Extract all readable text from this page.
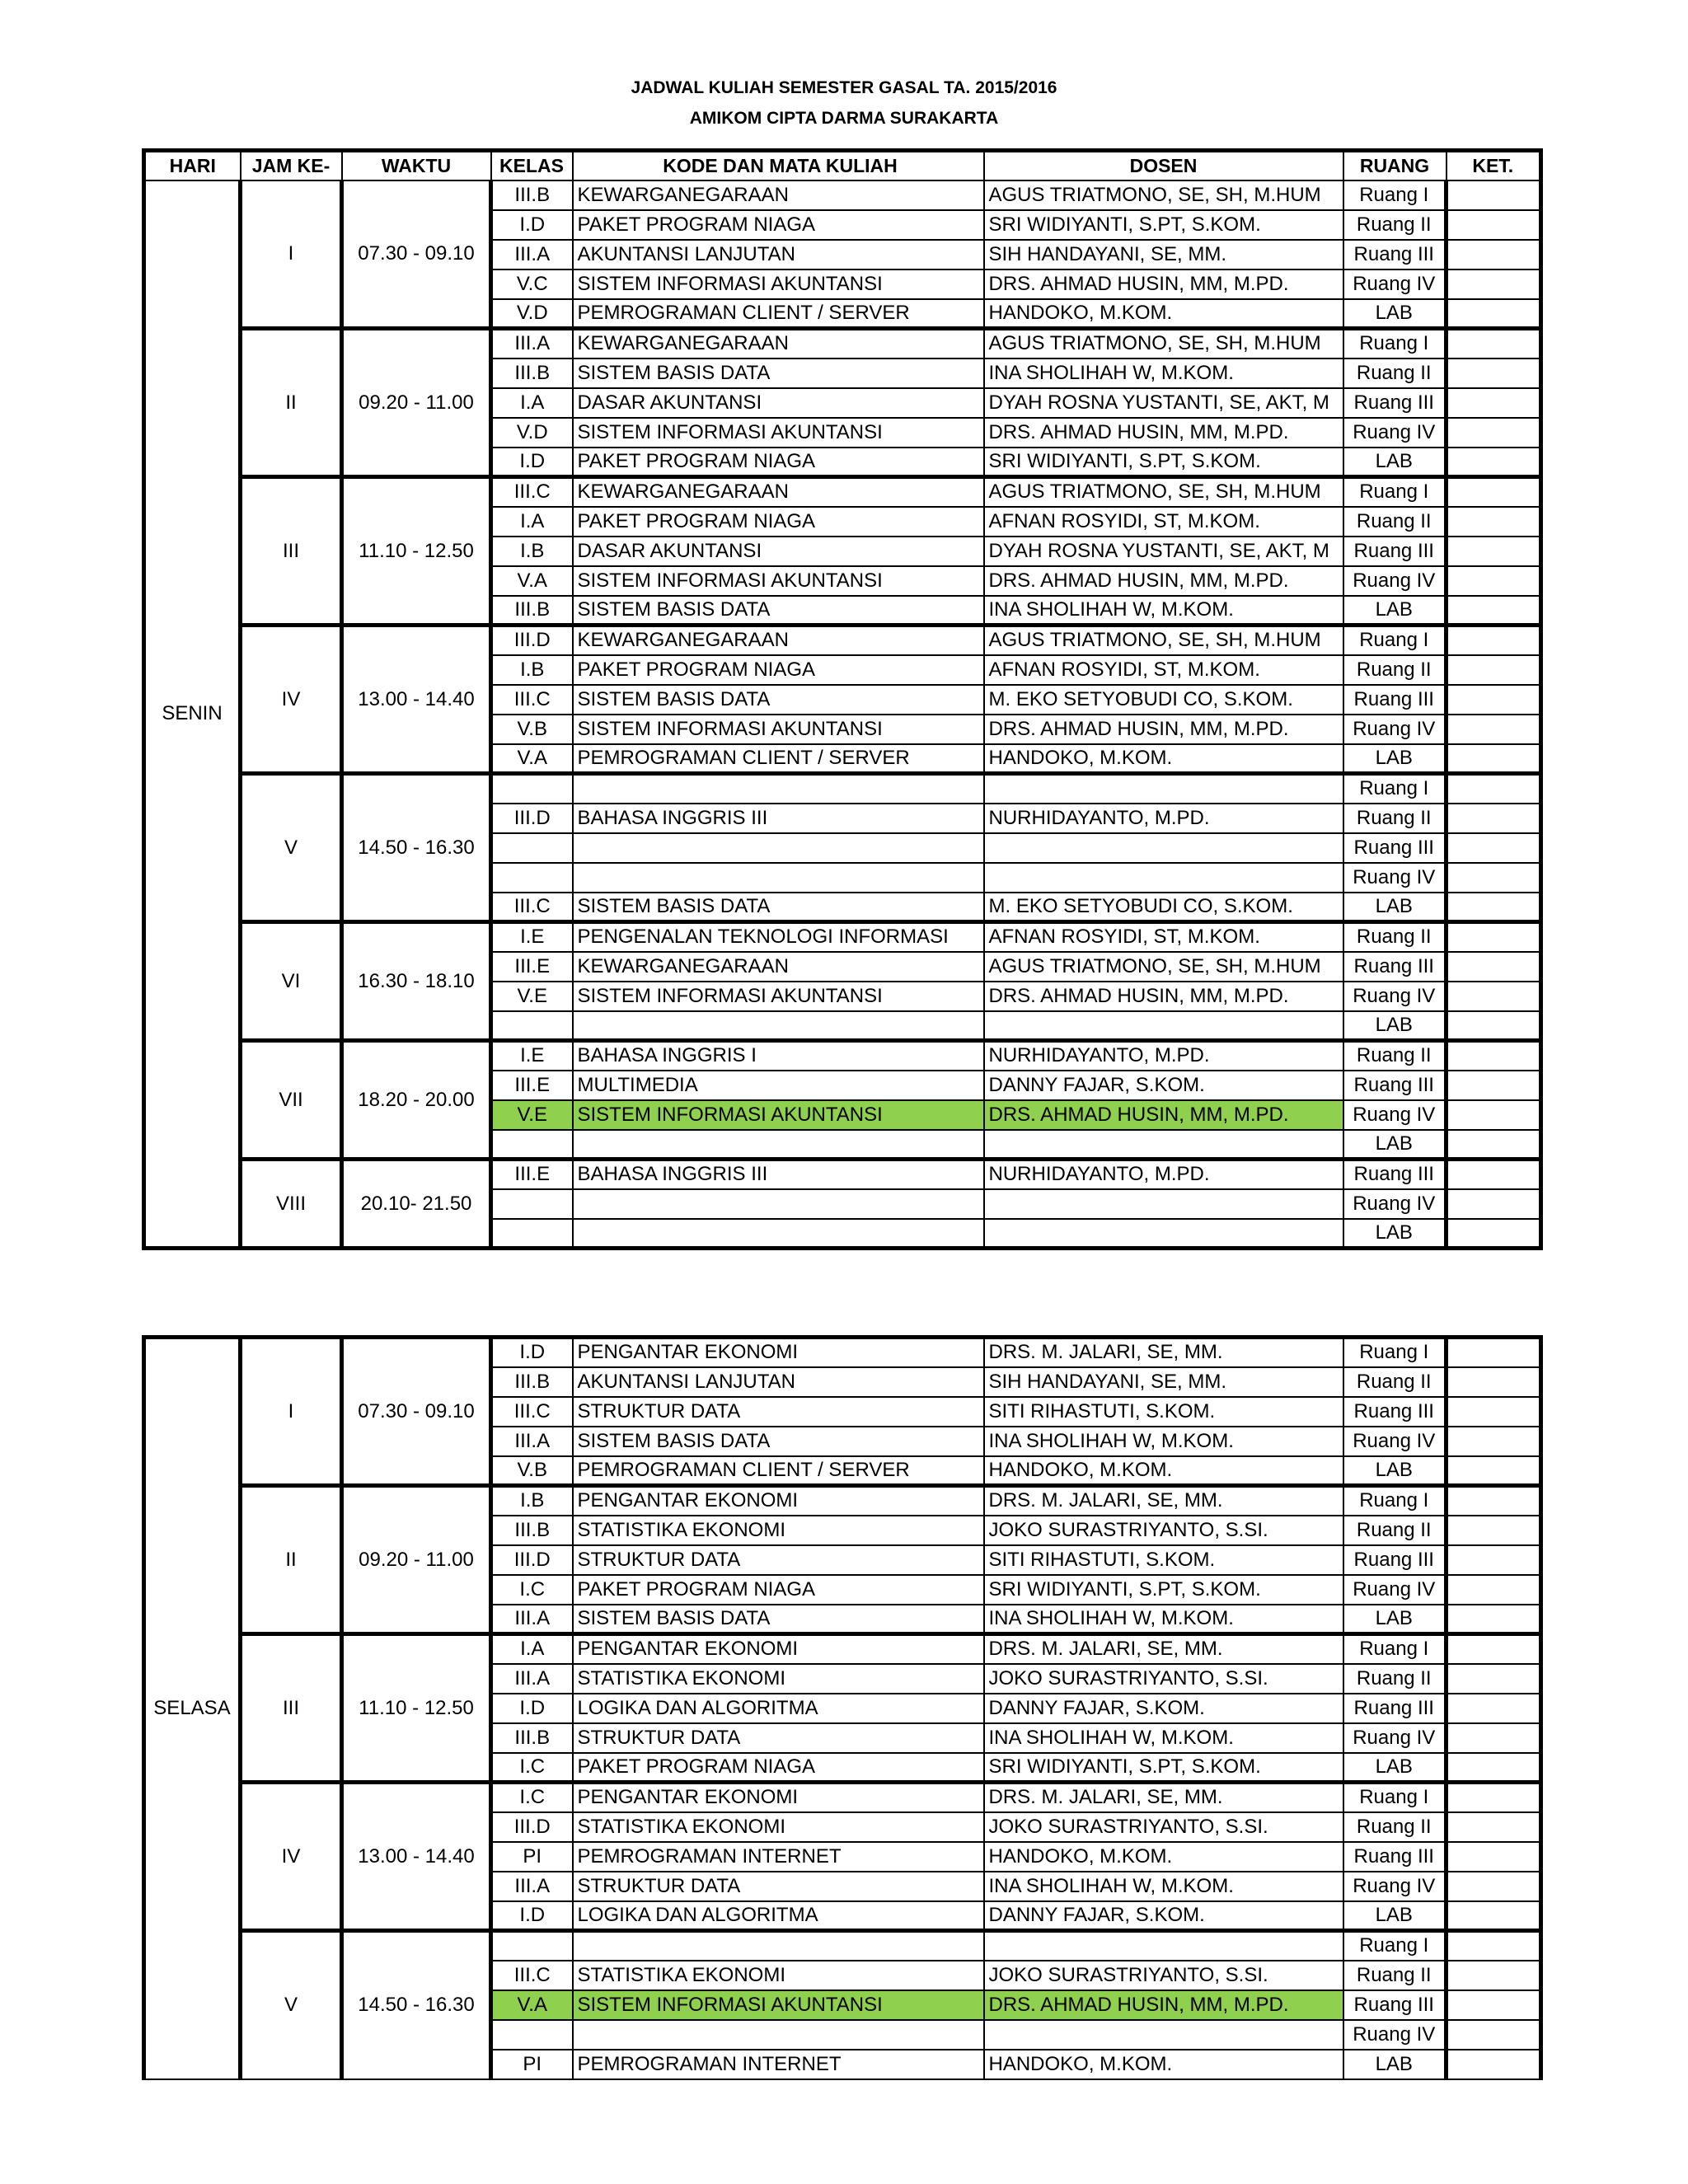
JADWAL KULIAH SEMESTER GASAL TA. 2015/2016
AMIKOM CIPTA DARMA SURAKARTA
HARI	JAM KE-	WAKTU	KELAS	KODE DAN MATA KULIAH	DOSEN	RUANG	KET.
SENIN	I	07.30 - 09.10	III.B	KEWARGANEGARAAN	AGUS TRIATMONO, SE, SH, M.HUM	Ruang I	
			I.D	PAKET PROGRAM NIAGA	SRI WIDIYANTI, S.PT, S.KOM.	Ruang II	
			III.A	AKUNTANSI LANJUTAN	SIH HANDAYANI, SE, MM.	Ruang III	
			V.C	SISTEM INFORMASI AKUNTANSI	DRS. AHMAD HUSIN, MM, M.PD.	Ruang IV	
			V.D	PEMROGRAMAN CLIENT / SERVER	HANDOKO, M.KOM.	LAB	
	II	09.20 - 11.00	III.A	KEWARGANEGARAAN	AGUS TRIATMONO, SE, SH, M.HUM	Ruang I	
			III.B	SISTEM BASIS DATA	INA SHOLIHAH W, M.KOM.	Ruang II	
			I.A	DASAR AKUNTANSI	DYAH ROSNA YUSTANTI, SE, AKT, M	Ruang III	
			V.D	SISTEM INFORMASI AKUNTANSI	DRS. AHMAD HUSIN, MM, M.PD.	Ruang IV	
			I.D	PAKET PROGRAM NIAGA	SRI WIDIYANTI, S.PT, S.KOM.	LAB	
	III	11.10 - 12.50	III.C	KEWARGANEGARAAN	AGUS TRIATMONO, SE, SH, M.HUM	Ruang I	
			I.A	PAKET PROGRAM NIAGA	AFNAN ROSYIDI, ST, M.KOM.	Ruang II	
			I.B	DASAR AKUNTANSI	DYAH ROSNA YUSTANTI, SE, AKT, M	Ruang III	
			V.A	SISTEM INFORMASI AKUNTANSI	DRS. AHMAD HUSIN, MM, M.PD.	Ruang IV	
			III.B	SISTEM BASIS DATA	INA SHOLIHAH W, M.KOM.	LAB	
	IV	13.00 - 14.40	III.D	KEWARGANEGARAAN	AGUS TRIATMONO, SE, SH, M.HUM	Ruang I	
			I.B	PAKET PROGRAM NIAGA	AFNAN ROSYIDI, ST, M.KOM.	Ruang II	
			III.C	SISTEM BASIS DATA	M. EKO SETYOBUDI CO, S.KOM.	Ruang III	
			V.B	SISTEM INFORMASI AKUNTANSI	DRS. AHMAD HUSIN, MM, M.PD.	Ruang IV	
			V.A	PEMROGRAMAN CLIENT / SERVER	HANDOKO, M.KOM.	LAB	
	V	14.50 - 16.30				Ruang I	
			III.D	BAHASA INGGRIS III	NURHIDAYANTO, M.PD.	Ruang II	
						Ruang III	
						Ruang IV	
			III.C	SISTEM BASIS DATA	M. EKO SETYOBUDI CO, S.KOM.	LAB	
	VI	16.30 - 18.10	I.E	PENGENALAN TEKNOLOGI INFORMASI	AFNAN ROSYIDI, ST, M.KOM.	Ruang II	
			III.E	KEWARGANEGARAAN	AGUS TRIATMONO, SE, SH, M.HUM	Ruang III	
			V.E	SISTEM INFORMASI AKUNTANSI	DRS. AHMAD HUSIN, MM, M.PD.	Ruang IV	
						LAB	
	VII	18.20 - 20.00	I.E	BAHASA INGGRIS I	NURHIDAYANTO, M.PD.	Ruang II	
			III.E	MULTIMEDIA	DANNY FAJAR, S.KOM.	Ruang III	
			V.E	SISTEM INFORMASI AKUNTANSI	DRS. AHMAD HUSIN, MM, M.PD.	Ruang IV	
						LAB	
	VIII	20.10- 21.50	III.E	BAHASA INGGRIS III	NURHIDAYANTO, M.PD.	Ruang III	
						Ruang IV	
						LAB	
SELASA	I	07.30 - 09.10	I.D	PENGANTAR EKONOMI	DRS. M. JALARI, SE, MM.	Ruang I	
			III.B	AKUNTANSI LANJUTAN	SIH HANDAYANI, SE, MM.	Ruang II	
			III.C	STRUKTUR DATA	SITI RIHASTUTI, S.KOM.	Ruang III	
			III.A	SISTEM BASIS DATA	INA SHOLIHAH W, M.KOM.	Ruang IV	
			V.B	PEMROGRAMAN CLIENT / SERVER	HANDOKO, M.KOM.	LAB	
	II	09.20 - 11.00	I.B	PENGANTAR EKONOMI	DRS. M. JALARI, SE, MM.	Ruang I	
			III.B	STATISTIKA EKONOMI	JOKO SURASTRIYANTO, S.SI.	Ruang II	
			III.D	STRUKTUR DATA	SITI RIHASTUTI, S.KOM.	Ruang III	
			I.C	PAKET PROGRAM NIAGA	SRI WIDIYANTI, S.PT, S.KOM.	Ruang IV	
			III.A	SISTEM BASIS DATA	INA SHOLIHAH W, M.KOM.	LAB	
	III	11.10 - 12.50	I.A	PENGANTAR EKONOMI	DRS. M. JALARI, SE, MM.	Ruang I	
			III.A	STATISTIKA EKONOMI	JOKO SURASTRIYANTO, S.SI.	Ruang II	
			I.D	LOGIKA DAN ALGORITMA	DANNY FAJAR, S.KOM.	Ruang III	
			III.B	STRUKTUR DATA	INA SHOLIHAH W, M.KOM.	Ruang IV	
			I.C	PAKET PROGRAM NIAGA	SRI WIDIYANTI, S.PT, S.KOM.	LAB	
	IV	13.00 - 14.40	I.C	PENGANTAR EKONOMI	DRS. M. JALARI, SE, MM.	Ruang I	
			III.D	STATISTIKA EKONOMI	JOKO SURASTRIYANTO, S.SI.	Ruang II	
			PI	PEMROGRAMAN INTERNET	HANDOKO, M.KOM.	Ruang III	
			III.A	STRUKTUR DATA	INA SHOLIHAH W, M.KOM.	Ruang IV	
			I.D	LOGIKA DAN ALGORITMA	DANNY FAJAR, S.KOM.	LAB	
	V	14.50 - 16.30				Ruang I	
			III.C	STATISTIKA EKONOMI	JOKO SURASTRIYANTO, S.SI.	Ruang II	
			V.A	SISTEM INFORMASI AKUNTANSI	DRS. AHMAD HUSIN, MM, M.PD.	Ruang III	
						Ruang IV	
			PI	PEMROGRAMAN INTERNET	HANDOKO, M.KOM.	LAB	
